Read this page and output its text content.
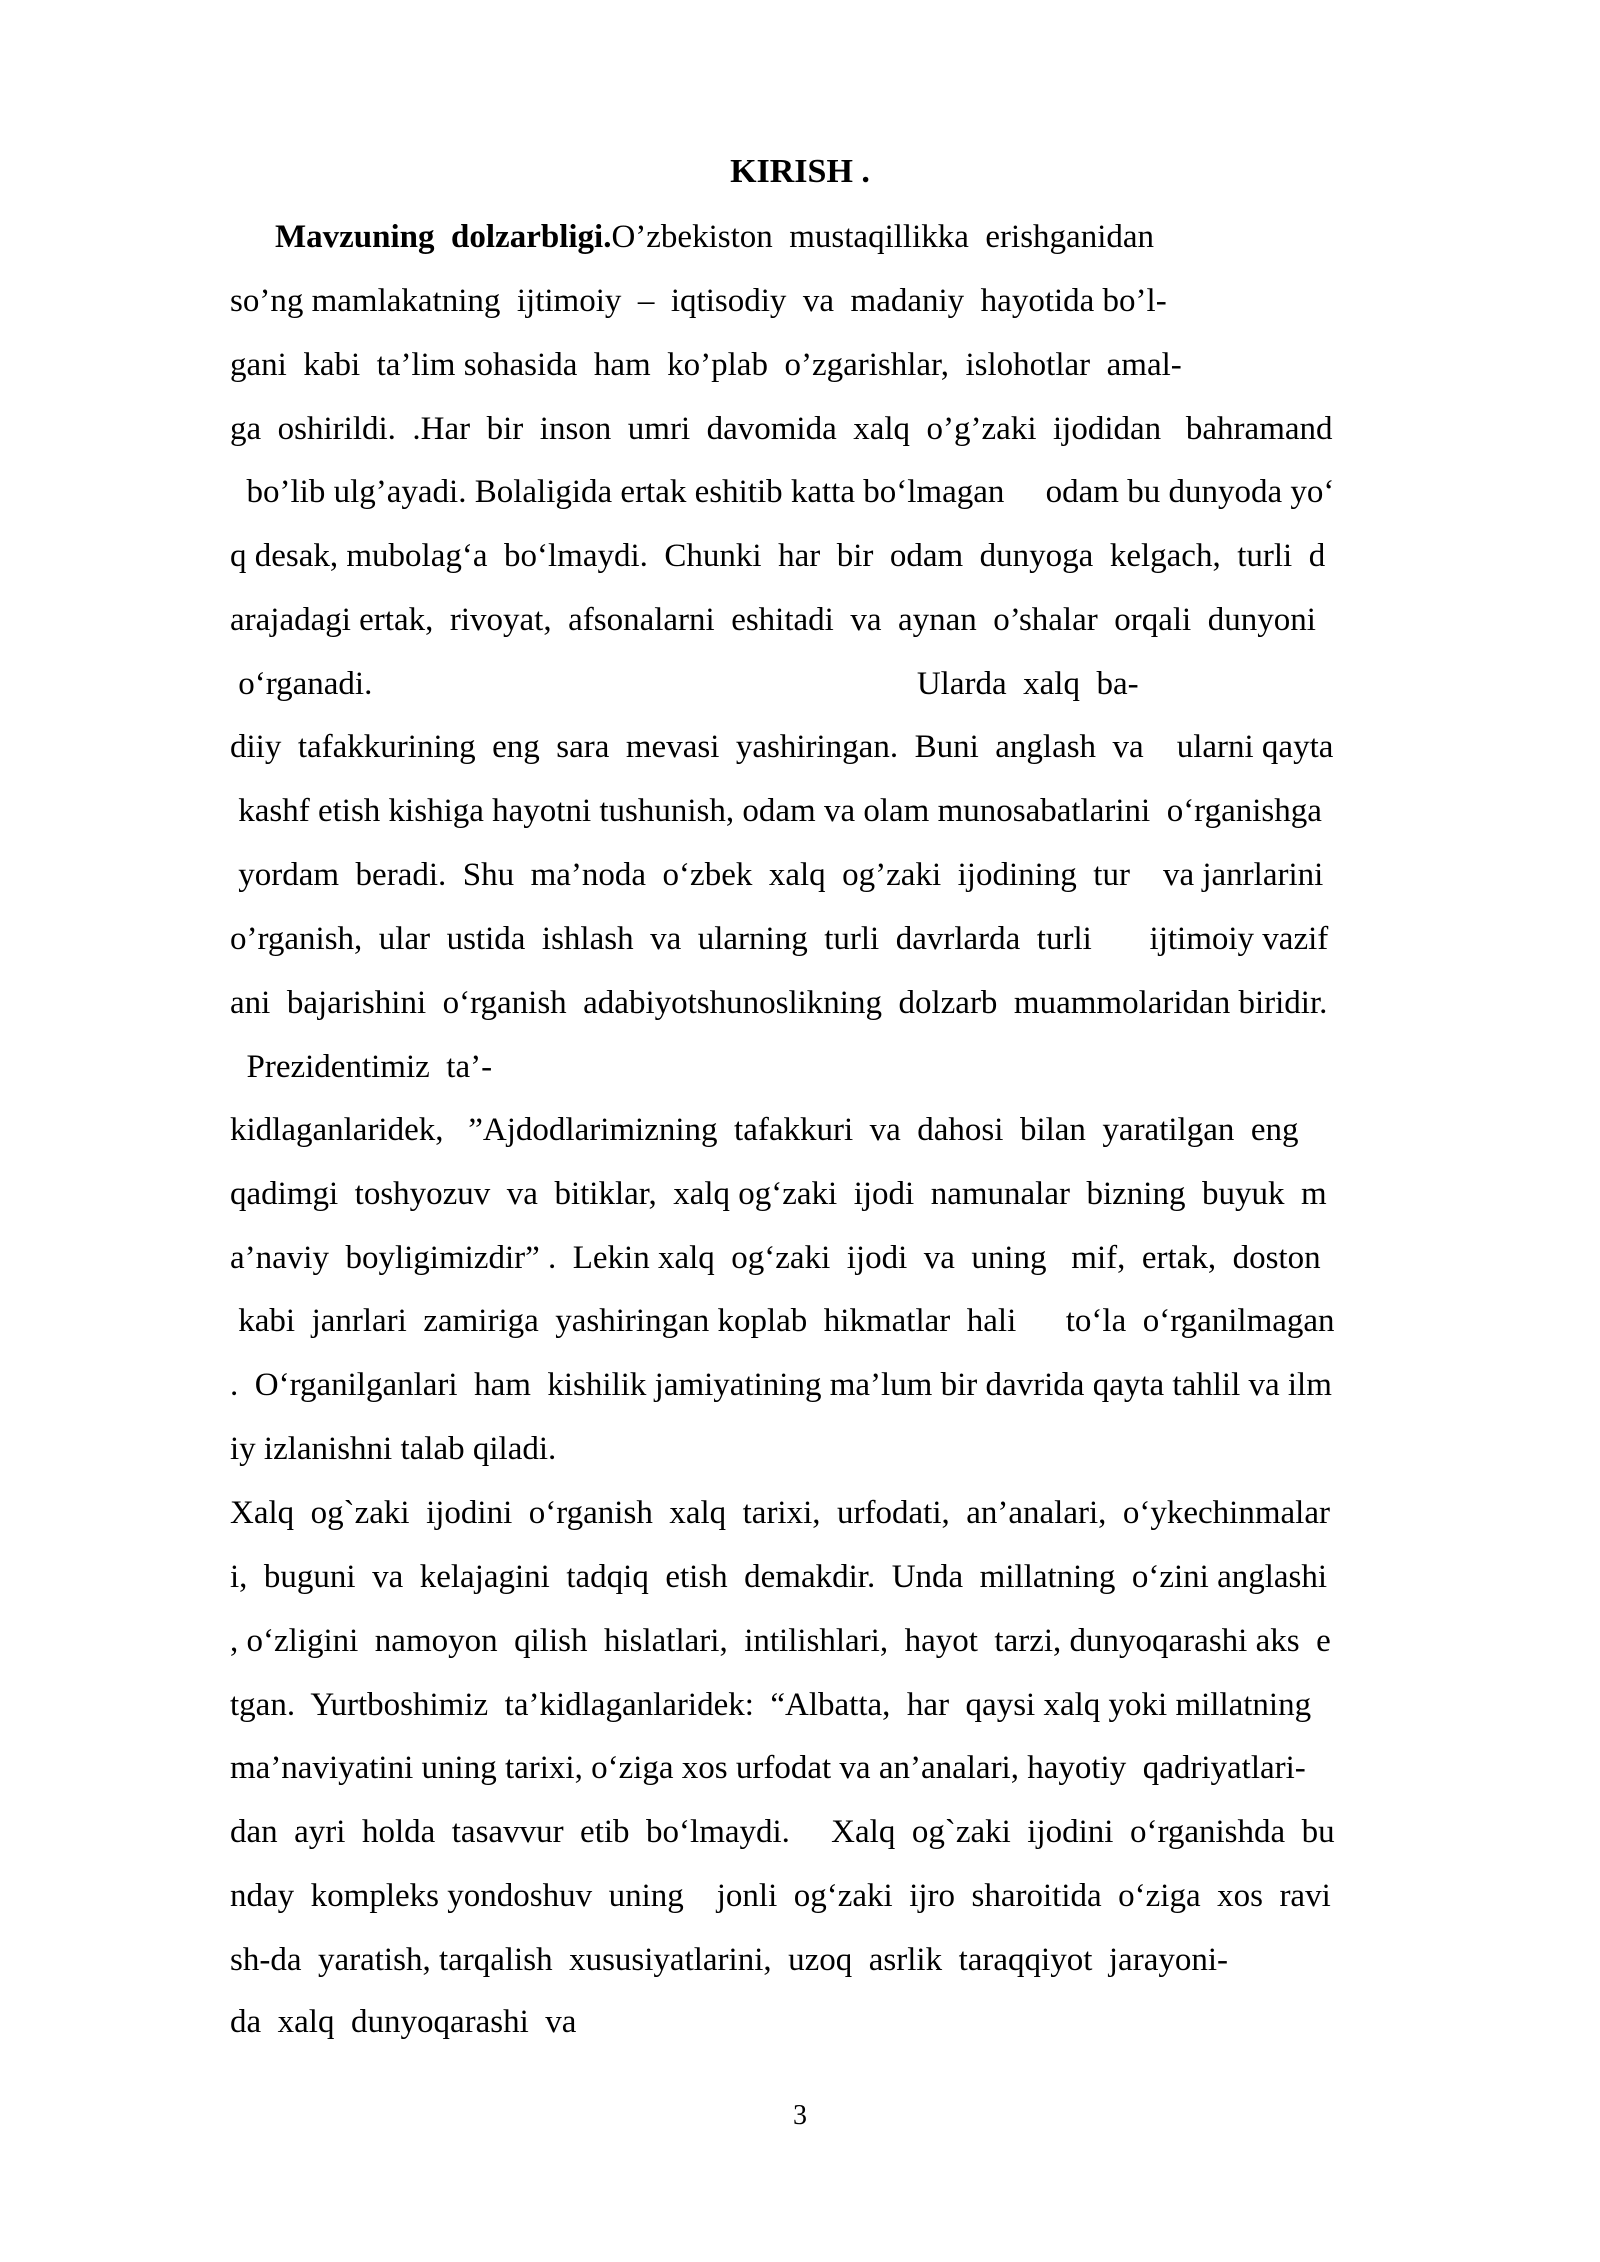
KIRISH .

Mavzuning  dolzarbligi.O’zbekiston  mustaqillikka  erishganidan

so’ng mamlakatning  ijtimoiy  –  iqtisodiy  va  madaniy  hayotida bo’l-

gani  kabi  ta’lim sohasida  ham  ko’plab  o’zgarishlar,  islohotlar  amal-

ga  oshirildi.  .Har  bir  inson  umri  davomida  xalq  o’g’zaki  ijodidan   bahramand

bo’lib ulg’ayadi. Bolaligida ertak eshitib katta bo‘lmagan     odam bu dunyoda yo‘

q desak, mubolag‘a  bo‘lmaydi.  Chunki  har  bir  odam  dunyoga  kelgach,  turli  d

arajadagi ertak,  rivoyat,  afsonalarni  eshitadi  va  aynan  o’shalar  orqali  dunyoni

o‘rganadi.                                                                  Ularda  xalq  ba-

diiy  tafakkurining  eng  sara  mevasi  yashiringan.  Buni  anglash  va    ularni qayta

kashf etish kishiga hayotni tushunish, odam va olam munosabatlarini  o‘rganishga

yordam  beradi.  Shu  ma’noda  o‘zbek  xalq  og’zaki  ijodining  tur    va janrlarini

o’rganish,  ular  ustida  ishlash  va  ularning  turli  davrlarda  turli       ijtimoiy vazif

ani  bajarishini  o‘rganish  adabiyotshunoslikning  dolzarb  muammolaridan biridir.

Prezidentimiz  ta’-

kidlaganlaridek,   ”Ajdodlarimizning  tafakkuri  va  dahosi  bilan  yaratilgan  eng

qadimgi  toshyozuv  va  bitiklar,  xalq og‘zaki  ijodi  namunalar  bizning  buyuk  m

a’naviy  boyligimizdir” .  Lekin xalq  og‘zaki  ijodi  va  uning   mif,  ertak,  doston

kabi  janrlari  zamiriga  yashiringan koplab  hikmatlar  hali      to‘la  o‘rganilmagan

.  O‘rganilganlari  ham  kishilik jamiyatining ma’lum bir davrida qayta tahlil va ilm

iy izlanishni talab qiladi.

Xalq  og`zaki  ijodini  o‘rganish  xalq  tarixi,  urfodati,  an’analari,  o‘ykechinmalar

i,  buguni  va  kelajagini  tadqiq  etish  demakdir.  Unda  millatning  o‘zini anglashi

, o‘zligini  namoyon  qilish  hislatlari,  intilishlari,  hayot  tarzi, dunyoqarashi aks  e

tgan.  Yurtboshimiz  ta’kidlaganlaridek:  “Albatta,  har  qaysi xalq yoki millatning

ma’naviyatini uning tarixi, o‘ziga xos urfodat va an’analari, hayotiy  qadriyatlari-

dan  ayri  holda  tasavvur  etib  bo‘lmaydi.     Xalq  og`zaki  ijodini  o‘rganishda  bu

nday  kompleks yondoshuv  uning    jonli  og‘zaki  ijro  sharoitida  o‘ziga  xos  ravi

sh-da  yaratish, tarqalish  xususiyatlarini,  uzoq  asrlik  taraqqiyot  jarayoni-

da  xalq  dunyoqarashi  va

3
